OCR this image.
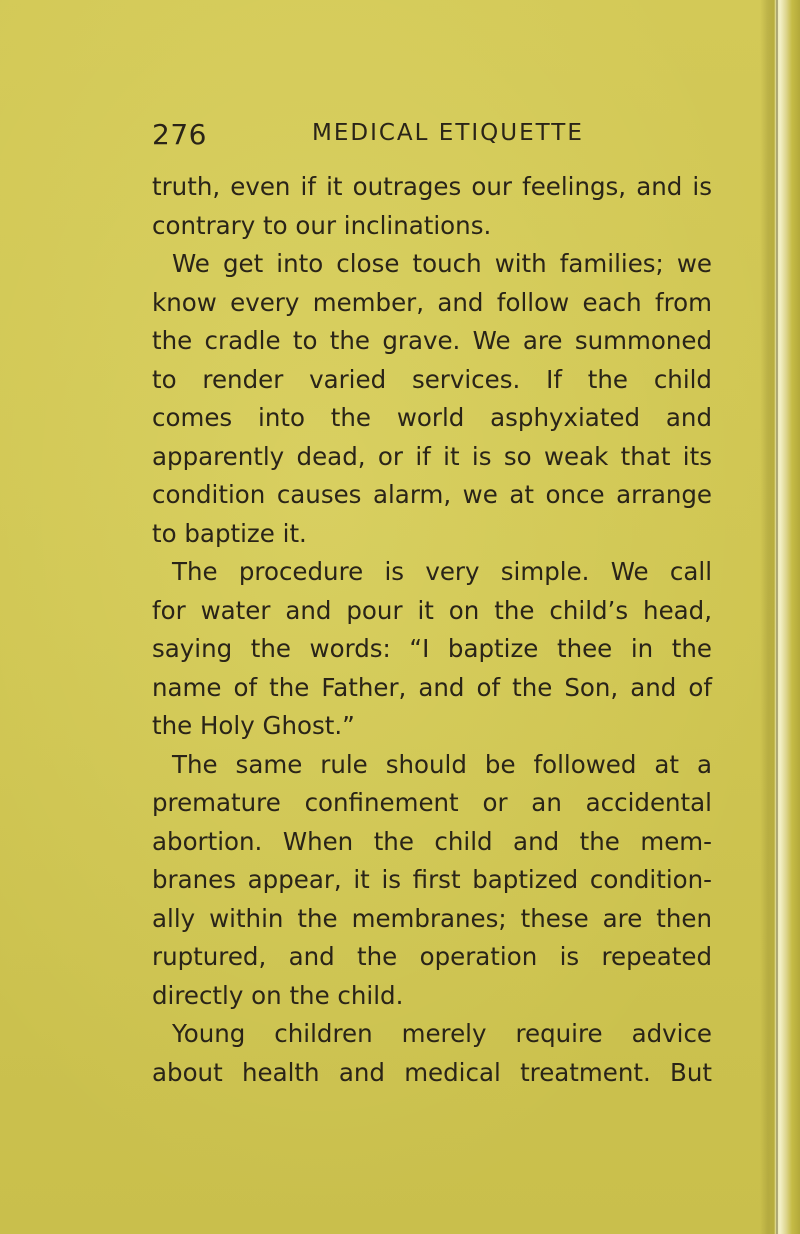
276	MEDICAL ETIQUETTE
truth, even if it outrages our feelings, and is
contrary to our inclinations.
We get into close touch with families; we
know every member, and follow each from
the cradle to the grave. We are summoned
to render varied services. If the child
comes into the world asphyxiated and
apparently dead, or if it is so weak that its
condition causes alarm, we at once arrange
to baptize it.
The procedure is very simple. We call
for water and pour it on the child’s head,
saying the words: “I baptize thee in the
name of the Father, and of the Son, and of
the Holy Ghost.”
The same rule should be followed at a
premature confinement or an accidental
abortion. When the child and the mem-
branes appear, it is first baptized condition-
ally within the membranes; these are then
ruptured, and the operation is repeated
directly on the child.
Young children merely require advice
about health and medical treatment. But
